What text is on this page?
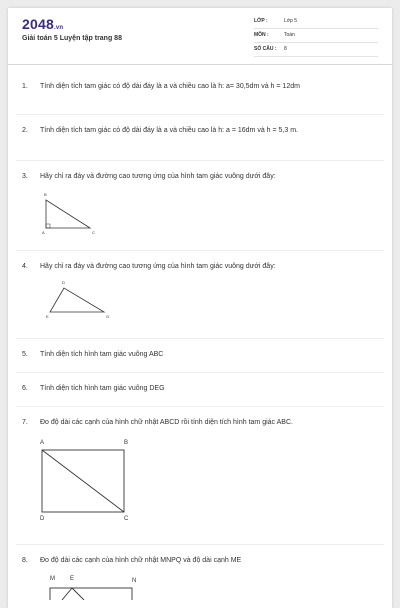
2048.vn
Giải toán 5 Luyện tập trang 88
LỚP :	Lớp 5
MÔN :	Toán
SỐ CÂU : 8
1. Tính diện tích tam giác có độ dài đáy là a và chiều cao là h: a= 30,5dm và h = 12dm
2. Tính diện tích tam giác có độ dài đáy là a và chiều cao là h: a = 16dm và h = 5,3 m.
3. Hãy chỉ ra đáy và đường cao tương ứng của hình tam giác vuông dưới đây:
B
A	C
4. Hãy chỉ ra đáy và đường cao tương ứng của hình tam giác vuông dưới đây:
D
E	G
5. Tính diện tích hình tam giác vuông ABC
6. Tính diện tích hình tam giác vuông DEG
7. Đo độ dài các cạnh của hình chữ nhật ABCD rồi tính diện tích hình tam giác ABC.
A	B
D	C
8. Đo độ dài các cạnh của hình chữ nhật MNPQ và độ dài cạnh ME
M	E	N
